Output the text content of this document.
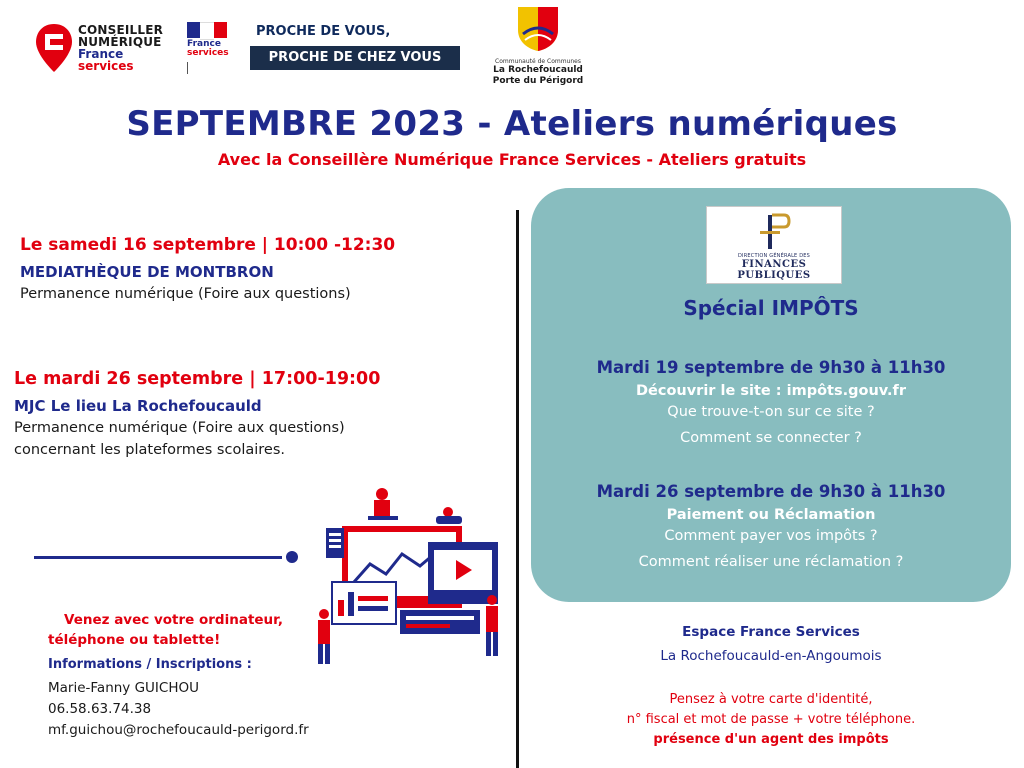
CONSEILLER
NUMÉRIQUE
France
services
France
services
PROCHE DE VOUS,
PROCHE DE CHEZ VOUS	Communauté de Communes
La Rochefoucauld
Porte du Périgord
SEPTEMBRE 2023 - Ateliers numériques
Avec la Conseillère Numérique France Services - Ateliers gratuits
Le samedi 16 septembre | 10:00 -12:30
MEDIATHÈQUE DE MONTBRON
Permanence numérique (Foire aux questions)
Le mardi 26 septembre | 17:00-19:00
MJC Le lieu La Rochefoucauld
Permanence numérique (Foire aux questions)
concernant les plateformes scolaires.
Venez avec votre ordinateur,
téléphone ou tablette!
Informations / Inscriptions :
Marie-Fanny GUICHOU
06.58.63.74.38
mf.guichou@rochefoucauld-perigord.fr
DIRECTION GÉNÉRALE DES
FINANCES PUBLIQUES
Spécial IMPÔTS
Mardi 19 septembre de 9h30 à 11h30
Découvrir le site : impôts.gouv.fr
Que trouve-t-on sur ce site ?
Comment se connecter ?
Mardi 26 septembre de 9h30 à 11h30
Paiement ou Réclamation
Comment payer vos impôts ?
Comment réaliser une réclamation ?
Espace France Services
La Rochefoucauld-en-Angoumois
Pensez à votre carte d'identité,
n° fiscal et mot de passe + votre téléphone.
présence d'un agent des impôts
